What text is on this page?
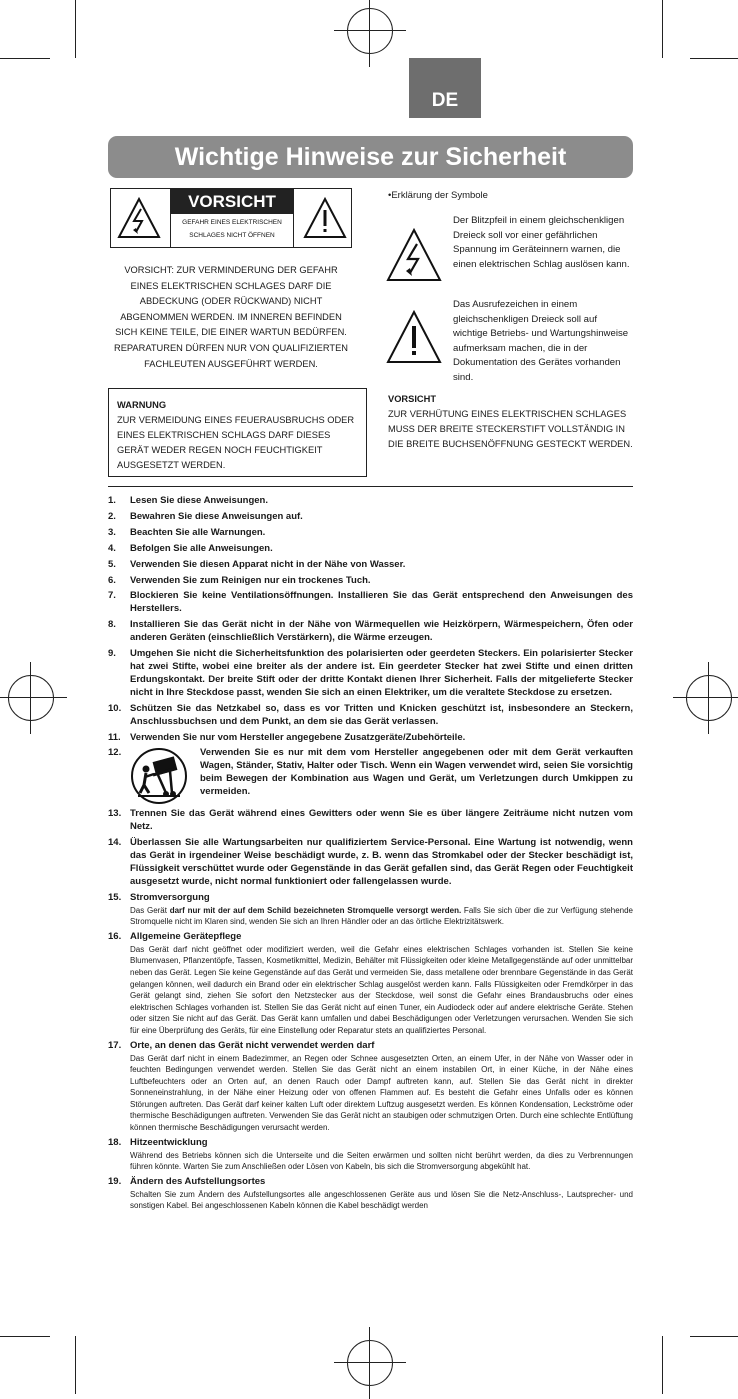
DE
Wichtige Hinweise zur Sicherheit
VORSICHT
GEFAHR EINES ELEKTRISCHEN
SCHLAGES NICHT ÖFFNEN
VORSICHT: ZUR VERMINDERUNG DER GEFAHR EINES ELEKTRISCHEN SCHLAGES DARF DIE ABDECKUNG (ODER RÜCKWAND) NICHT ABGENOMMEN WERDEN. IM INNEREN BEFINDEN SICH KEINE TEILE, DIE EINER WARTUN BEDÜRFEN. REPARATUREN DÜRFEN NUR VON QUALIFIZIERTEN FACHLEUTEN AUSGEFÜHRT WERDEN.
WARNUNG
ZUR VERMEIDUNG EINES FEUERAUSBRUCHS ODER EINES ELEKTRISCHEN SCHLAGS DARF DIESES GERÄT WEDER REGEN NOCH FEUCHTIGKEIT AUSGESETZT WERDEN.
•Erklärung der Symbole
Der Blitzpfeil in einem gleichschenkligen Dreieck soll vor einer gefährlichen Spannung im Geräteinnern warnen, die einen elektrischen Schlag auslösen kann.
Das Ausrufezeichen in einem gleichschenkligen Dreieck soll auf wichtige Betriebs- und Wartungshinweise aufmerksam machen, die in der Dokumentation des Gerätes vorhanden sind.
VORSICHT
ZUR VERHÜTUNG EINES ELEKTRISCHEN SCHLAGES MUSS DER BREITE STECKERSTIFT VOLLSTÄNDIG IN DIE BREITE BUCHSENÖFFNUNG GESTECKT WERDEN.
1.	Lesen Sie diese Anweisungen.
2.	Bewahren Sie diese Anweisungen auf.
3.	Beachten Sie alle Warnungen.
4.	Befolgen Sie alle Anweisungen.
5.	Verwenden Sie diesen Apparat nicht in der Nähe von Wasser.
6.	Verwenden Sie zum Reinigen nur ein trockenes Tuch.
7.	Blockieren Sie keine Ventilationsöffnungen. Installieren Sie das Gerät entsprechend den Anweisungen des Herstellers.
8.	Installieren Sie das Gerät nicht in der Nähe von Wärmequellen wie Heizkörpern, Wärmespeichern, Öfen oder anderen Geräten (einschließlich Verstärkern), die Wärme erzeugen.
9.	Umgehen Sie nicht die Sicherheitsfunktion des polarisierten oder geerdeten Steckers. Ein polarisierter Stecker hat zwei Stifte, wobei eine breiter als der andere ist. Ein geerdeter Stecker hat zwei Stifte und einen dritten Erdungskontakt. Der breite Stift oder der dritte Kontakt dienen Ihrer Sicherheit. Falls der mitgelieferte Stecker nicht in Ihre Steckdose passt, wenden Sie sich an einen Elektriker, um die veraltete Steckdose zu ersetzen.
10. Schützen Sie das Netzkabel so, dass es vor Tritten und Knicken geschützt ist, insbesondere an Steckern, Anschlussbuchsen und dem Punkt, an dem sie das Gerät verlassen.
11. Verwenden Sie nur vom Hersteller angegebene Zusatzgeräte/Zubehörteile.
12.	Verwenden Sie es nur mit dem vom Hersteller angegebenen oder mit dem Gerät verkauften Wagen, Ständer, Stativ, Halter oder Tisch. Wenn ein Wagen verwendet wird, seien Sie vorsichtig beim Bewegen der Kombination aus Wagen und Gerät, um Verletzungen durch Umkippen zu vermeiden.
13. Trennen Sie das Gerät während eines Gewitters oder wenn Sie es über längere Zeiträume nicht nutzen vom Netz.
14. Überlassen Sie alle Wartungsarbeiten nur qualifiziertem Service-Personal. Eine Wartung ist notwendig, wenn das Gerät in irgendeiner Weise beschädigt wurde, z. B. wenn das Stromkabel oder der Stecker beschädigt ist, Flüssigkeit verschüttet wurde oder Gegenstände in das Gerät gefallen sind, das Gerät Regen oder Feuchtigkeit ausgesetzt wurde, nicht normal funktioniert oder fallengelassen wurde.
15. Stromversorgung
Das Gerät darf nur mit der auf dem Schild bezeichneten Stromquelle versorgt werden. Falls Sie sich über die zur Verfügung stehende Stromquelle nicht im Klaren sind, wenden Sie sich an Ihren Händler oder an das örtliche Elektrizitätswerk.
16. Allgemeine Gerätepflege
Das Gerät darf nicht geöffnet oder modifiziert werden, weil die Gefahr eines elektrischen Schlages vorhanden ist. Stellen Sie keine Blumenvasen, Pflanzentöpfe, Tassen, Kosmetikmittel, Medizin, Behälter mit Flüssigkeiten oder kleine Metallgegenstände auf oder unmittelbar neben das Gerät. Legen Sie keine Gegenstände auf das Gerät und vermeiden Sie, dass metallene oder brennbare Gegenstände in das Gerät gelangen können, weil dadurch ein Brand oder ein elektrischer Schlag ausgelöst werden kann. Falls Flüssigkeiten oder Fremdkörper in das Gerät gelangt sind, ziehen Sie sofort den Netzstecker aus der Steckdose, weil sonst die Gefahr eines Brandausbruchs oder eines elektrischen Schlages vorhanden ist. Stellen Sie das Gerät nicht auf einen Tuner, ein Audiodeck oder auf andere elektrische Geräte. Stehen oder sitzen Sie nicht auf das Gerät. Das Gerät kann umfallen und dabei Beschädigungen oder Verletzungen verursachen. Wenden Sie sich für eine Überprüfung des Geräts, für eine Einstellung oder Reparatur stets an qualifiziertes Personal.
17. Orte, an denen das Gerät nicht verwendet werden darf
Das Gerät darf nicht in einem Badezimmer, an Regen oder Schnee ausgesetzten Orten, an einem Ufer, in der Nähe von Wasser oder in feuchten Bedingungen verwendet werden. Stellen Sie das Gerät nicht an einem instabilen Ort, in einer Küche, in der Nähe eines Luftbefeuchters oder an Orten auf, an denen Rauch oder Dampf auftreten kann, auf. Stellen Sie das Gerät nicht in direkter Sonneneinstrahlung, in der Nähe einer Heizung oder von offenen Flammen auf. Es besteht die Gefahr eines Unfalls oder es können Störungen auftreten. Das Gerät darf keiner kalten Luft oder direktem Luftzug ausgesetzt werden. Es können Kondensation, Leckströme oder thermische Beschädigungen auftreten. Verwenden Sie das Gerät nicht an staubigen oder schmutzigen Orten. Durch eine schlechte Entlüftung können thermische Beschädigungen verursacht werden.
18. Hitzeentwicklung
Während des Betriebs können sich die Unterseite und die Seiten erwärmen und sollten nicht berührt werden, da dies zu Verbrennungen führen könnte. Warten Sie zum Anschließen oder Lösen von Kabeln, bis sich die Stromversorgung abgekühlt hat.
19. Ändern des Aufstellungsortes
Schalten Sie zum Ändern des Aufstellungsortes alle angeschlossenen Geräte aus und lösen Sie die Netz-Anschluss-, Lautsprecher- und sonstigen Kabel. Bei angeschlossenen Kabeln können die Kabel beschädigt werden
